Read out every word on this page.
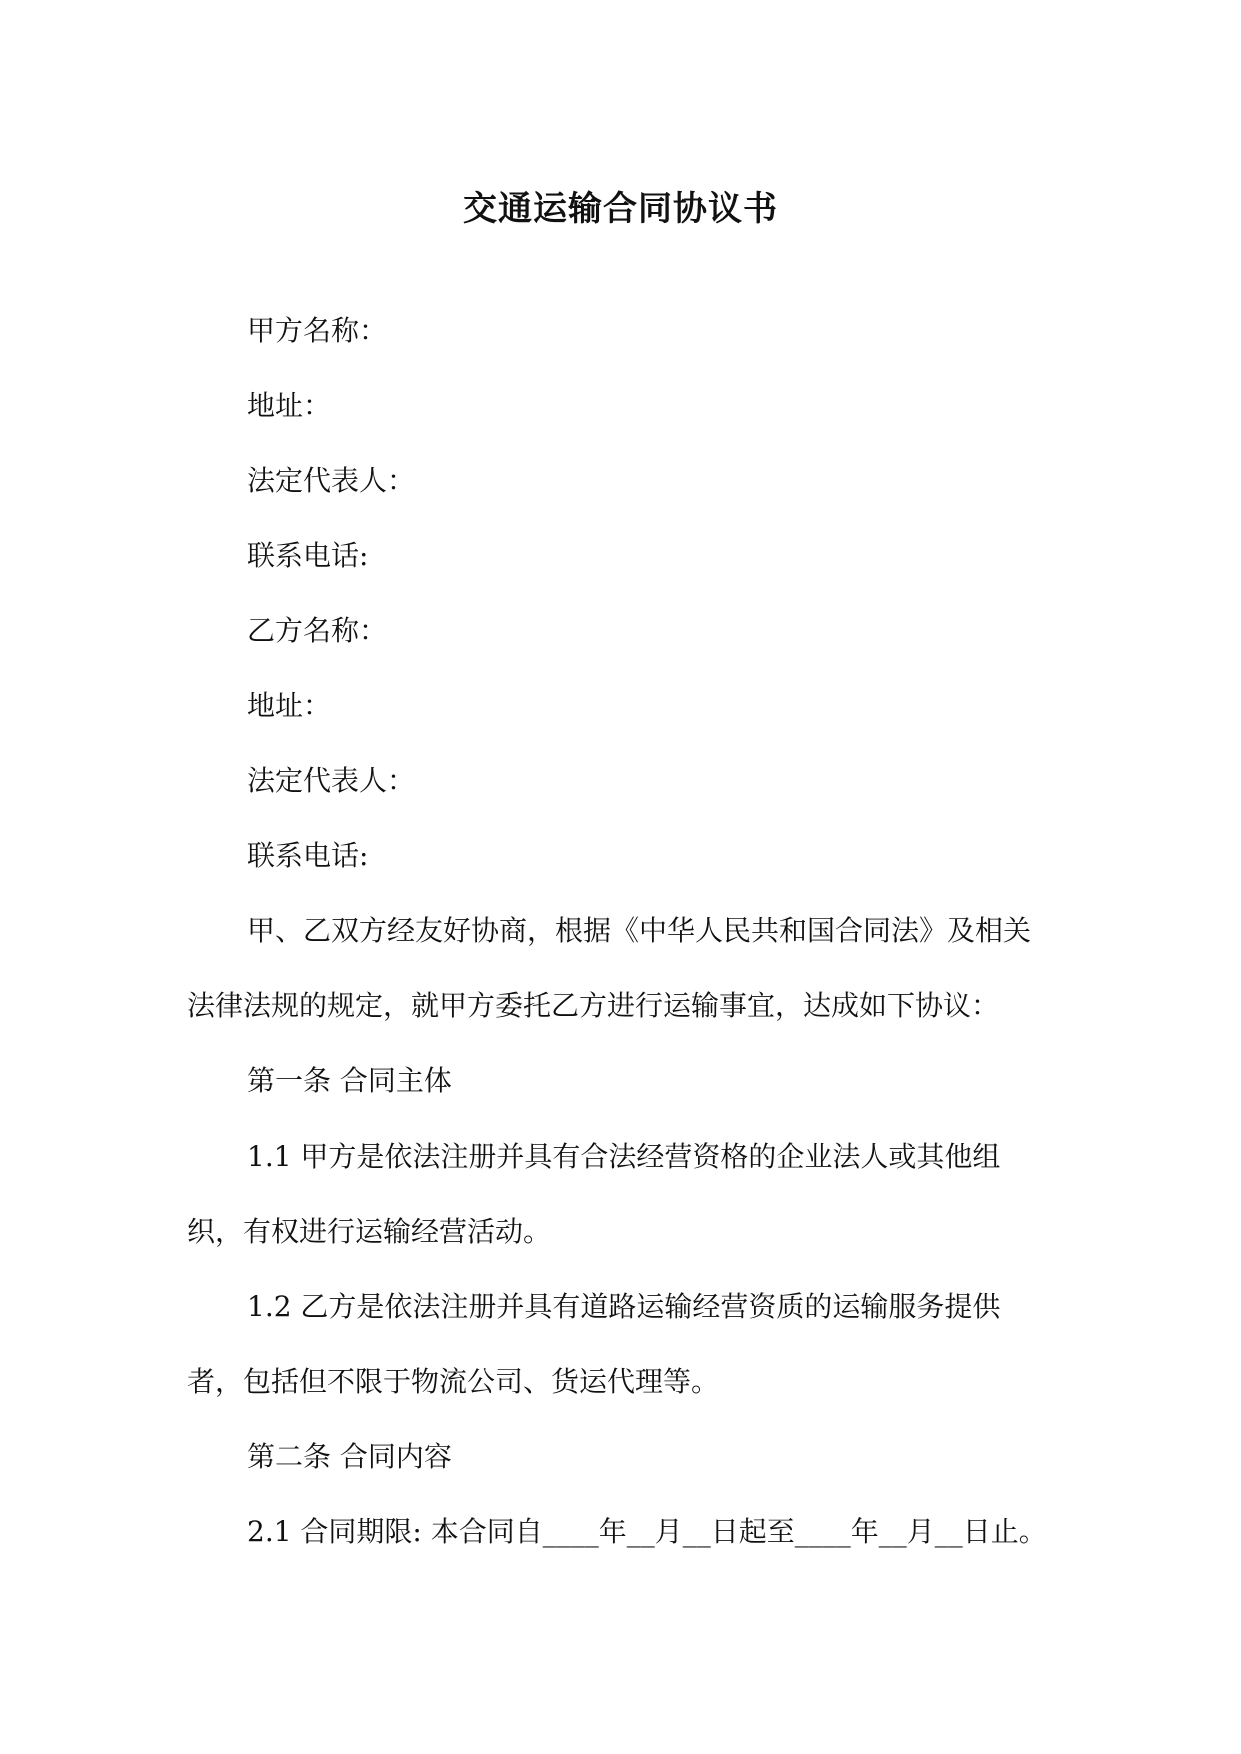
交通运输合同协议书
甲方名称：
地址：
法定代表人：
联系电话:
乙方名称：
地址：
法定代表人：
联系电话:
甲、乙双方经友好协商，根据《中华人民共和国合同法》及相关
法律法规的规定，就甲方委托乙方进行运输事宜，达成如下协议：
第一条 合同主体
1.1 甲方是依法注册并具有合法经营资格的企业法人或其他组
织，有权进行运输经营活动。
1.2 乙方是依法注册并具有道路运输经营资质的运输服务提供
者，包括但不限于物流公司、货运代理等。
第二条 合同内容
2.1 合同期限: 本合同自____年__月__日起至____年__月__日止。
